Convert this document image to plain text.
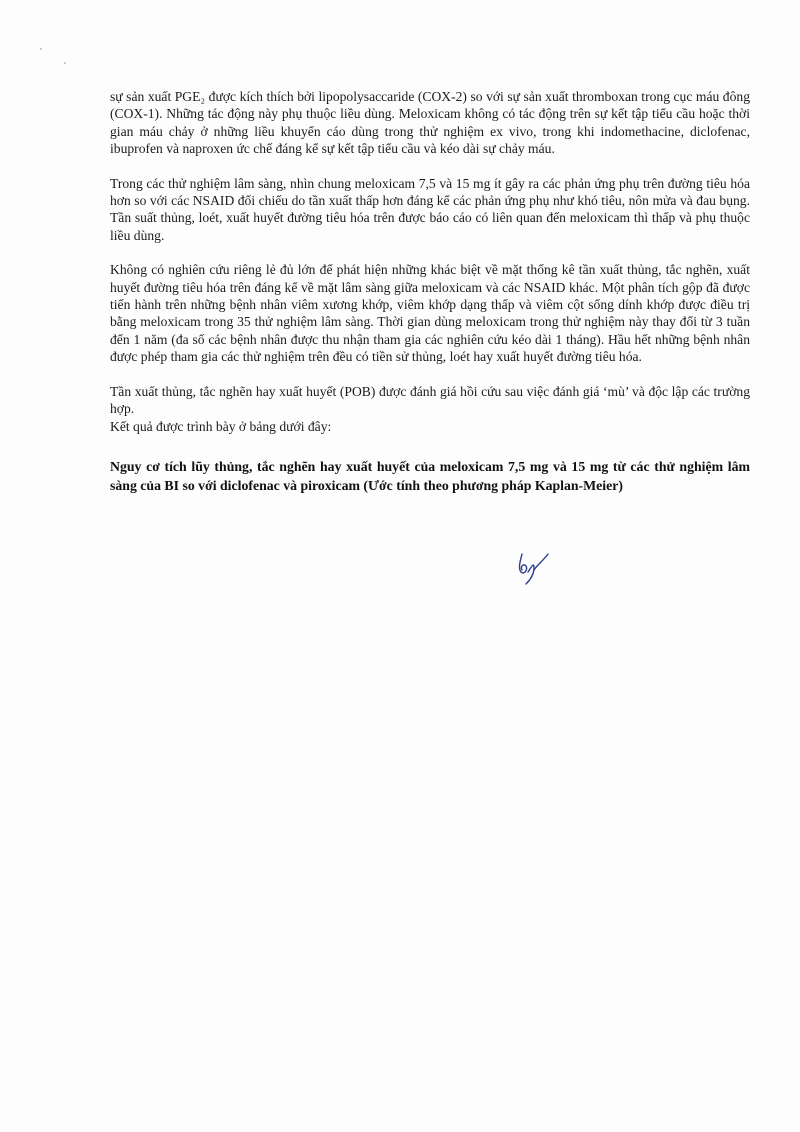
sự sản xuất PGE₂ được kích thích bởi lipopolysaccaride (COX-2) so với sự sản xuất thromboxan trong cục máu đông (COX-1). Những tác động này phụ thuộc liều dùng. Meloxicam không có tác động trên sự kết tập tiểu cầu hoặc thời gian máu chảy ở những liều khuyến cáo dùng trong thử nghiệm ex vivo, trong khi indomethacine, diclofenac, ibuprofen và naproxen ức chế đáng kể sự kết tập tiểu cầu và kéo dài sự chảy máu.

Trong các thử nghiệm lâm sàng, nhìn chung meloxicam 7,5 và 15 mg ít gây ra các phản ứng phụ trên đường tiêu hóa hơn so với các NSAID đối chiếu do tần xuất thấp hơn đáng kể các phản ứng phụ như khó tiêu, nôn mửa và đau bụng. Tần suất thủng, loét, xuất huyết đường tiêu hóa trên được báo cáo có liên quan đến meloxicam thì thấp và phụ thuộc liều dùng.

Không có nghiên cứu riêng lẻ đủ lớn để phát hiện những khác biệt về mặt thống kê tần xuất thủng, tắc nghẽn, xuất huyết đường tiêu hóa trên đáng kể về mặt lâm sàng giữa meloxicam và các NSAID khác. Một phân tích gộp đã được tiến hành trên những bệnh nhân viêm xương khớp, viêm khớp dạng thấp và viêm cột sống dính khớp được điều trị bằng meloxicam trong 35 thử nghiệm lâm sàng. Thời gian dùng meloxicam trong thử nghiệm này thay đổi từ 3 tuần đến 1 năm (đa số các bệnh nhân được thu nhận tham gia các nghiên cứu kéo dài 1 tháng). Hầu hết những bệnh nhân được phép tham gia các thử nghiệm trên đều có tiền sử thủng, loét hay xuất huyết đường tiêu hóa.

Tần xuất thủng, tắc nghẽn hay xuất huyết (POB) được đánh giá hồi cứu sau việc đánh giá ‘mù’ và độc lập các trường hợp.

Kết quả được trình bày ở bảng dưới đây:

Nguy cơ tích lũy thủng, tắc nghẽn hay xuất huyết của meloxicam 7,5 mg và 15 mg từ các thử nghiệm lâm sàng của BI so với diclofenac và piroxicam (Ước tính theo phương pháp Kaplan-Meier)
